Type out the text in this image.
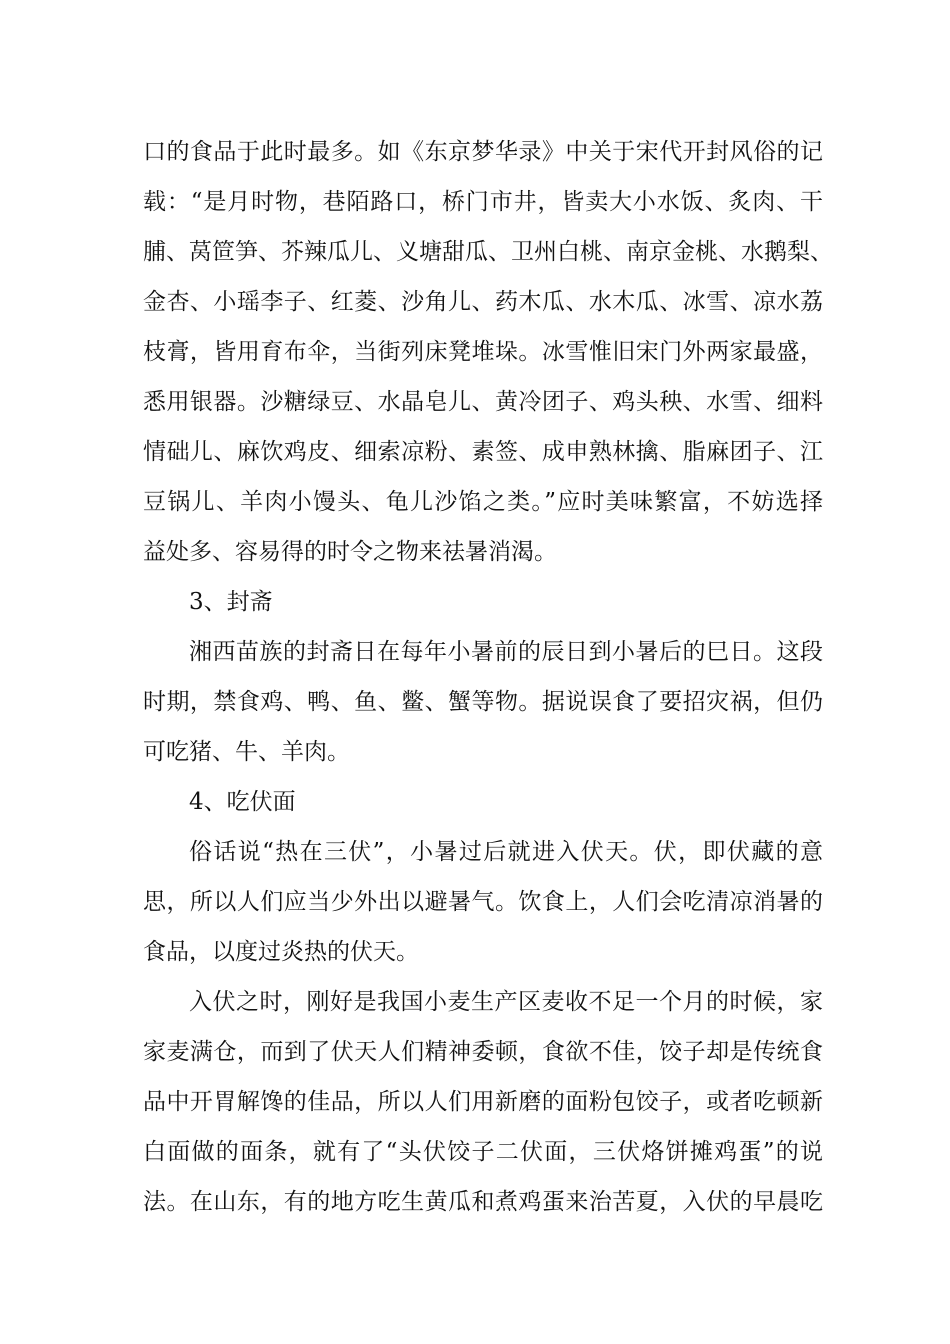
口的食品于此时最多。如《东京梦华录》中关于宋代开封风俗的记
载：“是月时物，巷陌路口，桥门市井，皆卖大小水饭、炙肉、干
脯、莴笸笋、芥辣瓜儿、义塘甜瓜、卫州白桃、南京金桃、水鹅梨、
金杏、小瑶李子、红菱、沙角儿、药木瓜、水木瓜、冰雪、凉水荔
枝膏，皆用育布伞，当街列床凳堆垛。冰雪惟旧宋门外两家最盛，
悉用银器。沙糖绿豆、水晶皂儿、黄冷团子、鸡头秧、水雪、细料
情础儿、麻饮鸡皮、细索凉粉、素签、成申熟林擒、脂麻团子、江
豆锅儿、羊肉小馒头、龟儿沙馅之类。”应时美味繁富，不妨选择
益处多、容易得的时令之物来祛暑消渴。
3、封斋
湘西苗族的封斋日在每年小暑前的辰日到小暑后的巳日。这段
时期，禁食鸡、鸭、鱼、鳖、蟹等物。据说误食了要招灾祸，但仍
可吃猪、牛、羊肉。
4、吃伏面
俗话说“热在三伏”，小暑过后就进入伏天。伏，即伏藏的意
思，所以人们应当少外出以避暑气。饮食上，人们会吃清凉消暑的
食品，以度过炎热的伏天。
入伏之时，刚好是我国小麦生产区麦收不足一个月的时候，家
家麦满仓，而到了伏天人们精神委顿，食欲不佳，饺子却是传统食
品中开胃解馋的佳品，所以人们用新磨的面粉包饺子，或者吃顿新
白面做的面条，就有了“头伏饺子二伏面，三伏烙饼摊鸡蛋”的说
法。在山东，有的地方吃生黄瓜和煮鸡蛋来治苦夏，入伏的早晨吃
